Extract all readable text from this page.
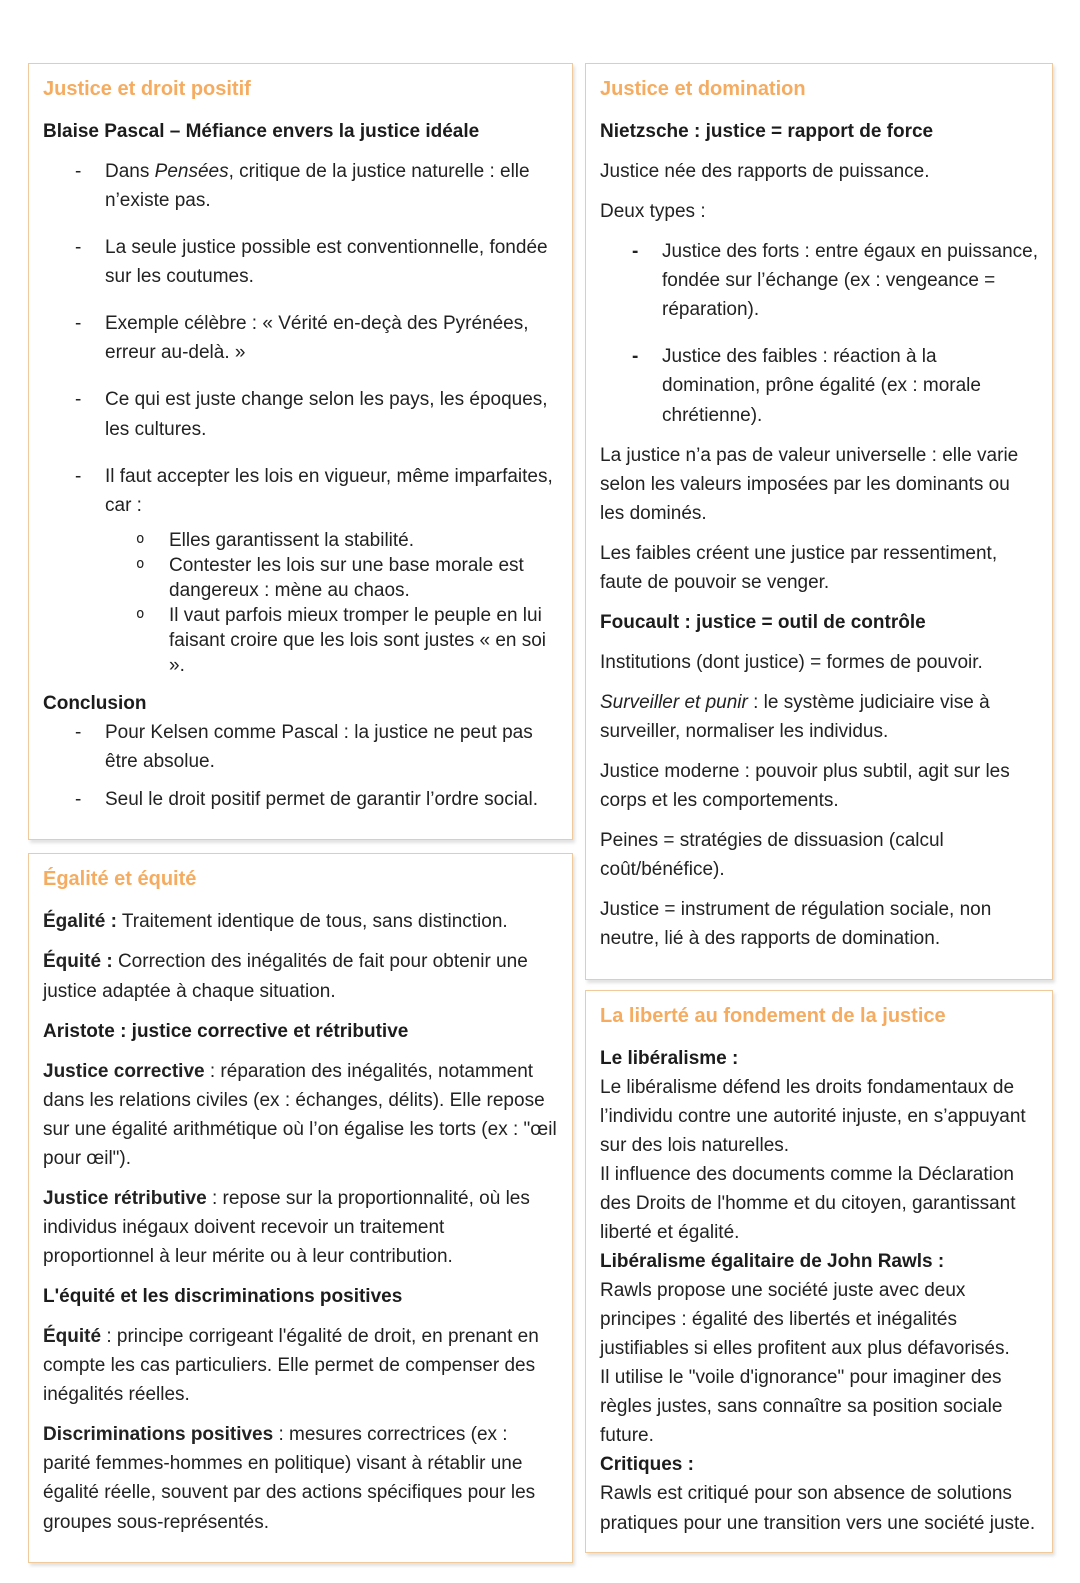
Justice et droit positif

Blaise Pascal – Méfiance envers la justice idéale

- Dans Pensées, critique de la justice naturelle : elle n’existe pas.
- La seule justice possible est conventionnelle, fondée sur les coutumes.
- Exemple célèbre : « Vérité en-deçà des Pyrénées, erreur au-delà. »
- Ce qui est juste change selon les pays, les époques, les cultures.
- Il faut accepter les lois en vigueur, même imparfaites, car :
o Elles garantissent la stabilité.
o Contester les lois sur une base morale est dangereux : mène au chaos.
o Il vaut parfois mieux tromper le peuple en lui faisant croire que les lois sont justes « en soi ».

Conclusion

- Pour Kelsen comme Pascal : la justice ne peut pas être absolue.
- Seul le droit positif permet de garantir l’ordre social.
Égalité et équité

Égalité : Traitement identique de tous, sans distinction.

Équité : Correction des inégalités de fait pour obtenir une justice adaptée à chaque situation.

Aristote : justice corrective et rétributive

Justice corrective : réparation des inégalités, notamment dans les relations civiles (ex : échanges, délits). Elle repose sur une égalité arithmétique où l’on égalise les torts (ex : "œil pour œil").

Justice rétributive : repose sur la proportionnalité, où les individus inégaux doivent recevoir un traitement proportionnel à leur mérite ou à leur contribution.

L'équité et les discriminations positives

Équité : principe corrigeant l'égalité de droit, en prenant en compte les cas particuliers. Elle permet de compenser des inégalités réelles.

Discriminations positives : mesures correctrices (ex : parité femmes-hommes en politique) visant à rétablir une égalité réelle, souvent par des actions spécifiques pour les groupes sous-représentés.

Justice et domination

Nietzsche : justice = rapport de force

Justice née des rapports de puissance.

Deux types :

- Justice des forts : entre égaux en puissance, fondée sur l’échange (ex : vengeance = réparation).
- Justice des faibles : réaction à la domination, prône égalité (ex : morale chrétienne).

La justice n’a pas de valeur universelle : elle varie selon les valeurs imposées par les dominants ou les dominés.

Les faibles créent une justice par ressentiment, faute de pouvoir se venger.

Foucault : justice = outil de contrôle

Institutions (dont justice) = formes de pouvoir.

Surveiller et punir : le système judiciaire vise à surveiller, normaliser les individus.

Justice moderne : pouvoir plus subtil, agit sur les corps et les comportements.

Peines = stratégies de dissuasion (calcul coût/bénéfice).

Justice = instrument de régulation sociale, non neutre, lié à des rapports de domination.

La liberté au fondement de la justice

Le libéralisme :

Le libéralisme défend les droits fondamentaux de l’individu contre une autorité injuste, en s’appuyant sur des lois naturelles.

Il influence des documents comme la Déclaration des Droits de l'homme et du citoyen, garantissant liberté et égalité.

Libéralisme égalitaire de John Rawls :

Rawls propose une société juste avec deux principes : égalité des libertés et inégalités justifiables si elles profitent aux plus défavorisés.

Il utilise le "voile d'ignorance" pour imaginer des règles justes, sans connaître sa position sociale future.

Critiques :

Rawls est critiqué pour son absence de solutions pratiques pour une transition vers une société juste.
